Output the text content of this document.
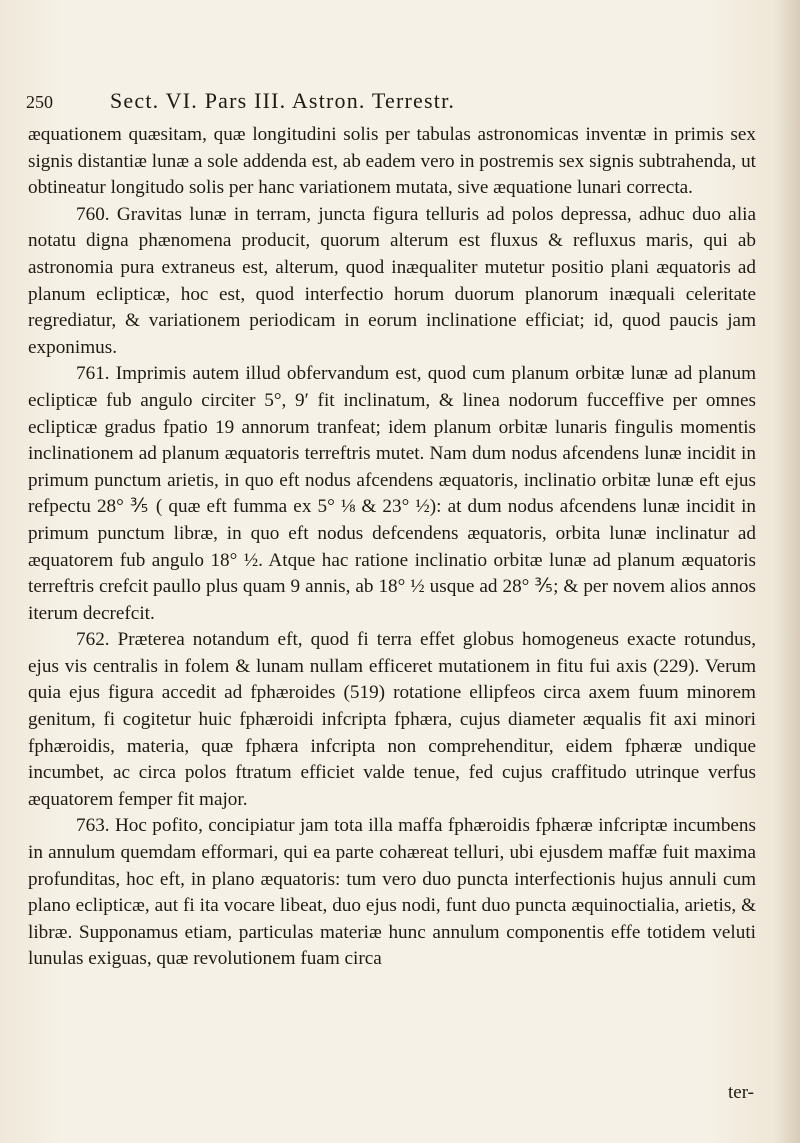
250	Sect. VI. Pars III. Astron. Terrestr.

æquationem quæsitam, quæ longitudini solis per tabulas astronomicas inventæ in primis sex signis distantiæ lunæ a sole addenda est, ab eadem vero in postremis sex signis subtrahenda, ut obtineatur longitudo solis per hanc variationem mutata, sive æquatione lunari correcta.

760. Gravitas lunæ in terram, juncta figura telluris ad polos depressa, adhuc duo alia notatu digna phænomena producit, quorum alterum est fluxus & refluxus maris, qui ab astronomia pura extraneus est, alterum, quod inæqualiter mutetur positio plani æquatoris ad planum eclipticæ, hoc est, quod interfectio horum duorum planorum inæquali celeritate regrediatur, & variationem periodicam in eorum inclinatione efficiat; id, quod paucis jam exponimus.

761. Imprimis autem illud obfervandum est, quod cum planum orbitæ lunæ ad planum eclipticæ fub angulo circiter 5°, 9′ fit inclinatum, & linea nodorum fucceffive per omnes eclipticæ gradus fpatio 19 annorum tranfeat; idem planum orbitæ lunaris fingulis momentis inclinationem ad planum æquatoris terreftris mutet. Nam dum nodus afcendens lunæ incidit in primum punctum arietis, in quo eft nodus afcendens æquatoris, inclinatio orbitæ lunæ eft ejus refpectu 28° ⅗ ( quæ eft fumma ex 5° ⅛ & 23° ½): at dum nodus afcendens lunæ incidit in primum punctum libræ, in quo eft nodus defcendens æquatoris, orbita lunæ inclinatur ad æquatorem fub angulo 18° ½. Atque hac ratione inclinatio orbitæ lunæ ad planum æquatoris terreftris crefcit paullo plus quam 9 annis, ab 18° ½ usque ad 28° ⅗; & per novem alios annos iterum decrefcit.

762. Præterea notandum eft, quod fi terra effet globus homogeneus exacte rotundus, ejus vis centralis in folem & lunam nullam efficeret mutationem in fitu fui axis (229). Verum quia ejus figura accedit ad fphæroides (519) rotatione ellipfeos circa axem fuum minorem genitum, fi cogitetur huic fphæroidi infcripta fphæra, cujus diameter æqualis fit axi minori fphæroidis, materia, quæ fphæra infcripta non comprehenditur, eidem fphæræ undique incumbet, ac circa polos ftratum efficiet valde tenue, fed cujus craffitudo utrinque verfus æquatorem femper fit major.

763. Hoc pofito, concipiatur jam tota illa maffa fphæroidis fphæræ infcriptæ incumbens in annulum quemdam efformari, qui ea parte cohæreat telluri, ubi ejusdem maffæ fuit maxima profunditas, hoc eft, in plano æquatoris: tum vero duo puncta interfectionis hujus annuli cum plano eclipticæ, aut fi ita vocare libeat, duo ejus nodi, funt duo puncta æquinoctialia, arietis, & libræ. Supponamus etiam, particulas materiæ hunc annulum componentis effe totidem veluti lunulas exiguas, quæ revolutionem fuam circa

ter-
